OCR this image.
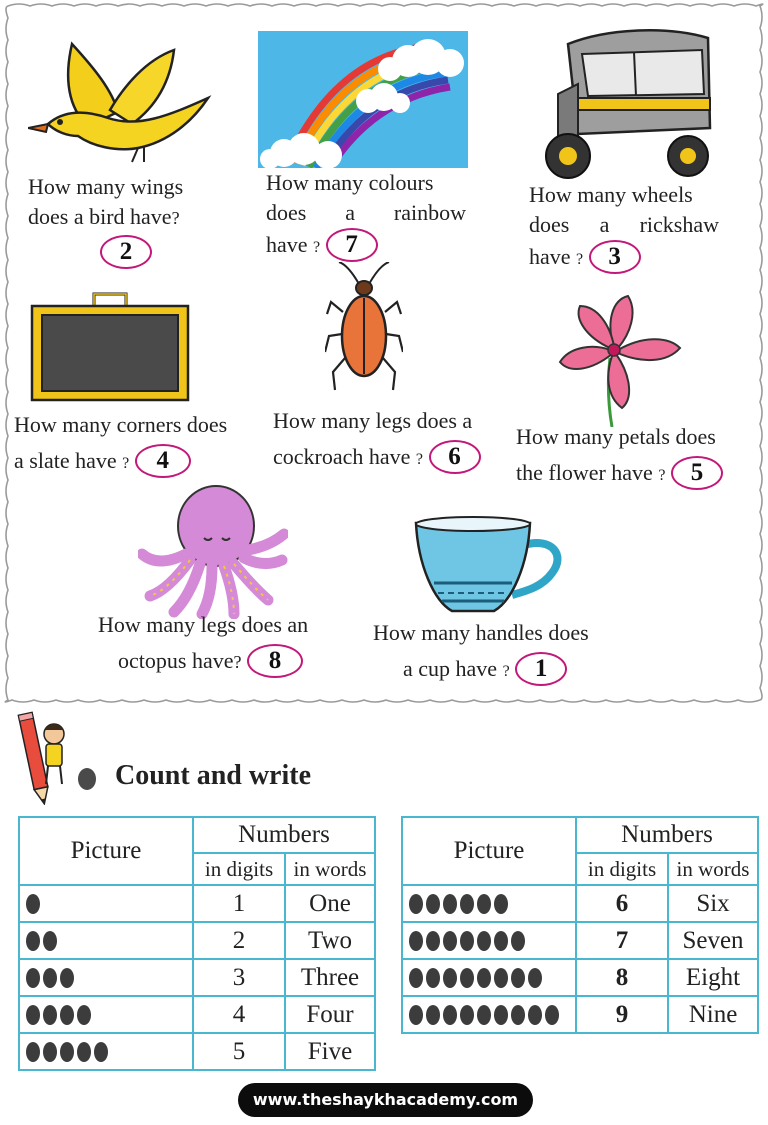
How many wings
does a bird have?
2
How many colours
does a rainbow
have ? 7
How many wheels
does a rickshaw
have ? 3
How many corners does
a slate have ? 4
How many legs does a
cockroach have ? 6
How many petals does
the flower have ? 5
How many legs does an
octopus have? 8
How many handles does
a cup have ? 1
Count and write
Picture	Numbers	
	in digits	in words
	1	One
	2	Two
	3	Three
	4	Four
	5	Five
Picture	Numbers	
	in digits	in words
	6	Six
	7	Seven
	8	Eight
	9	Nine
www.theshaykhacademy.com
